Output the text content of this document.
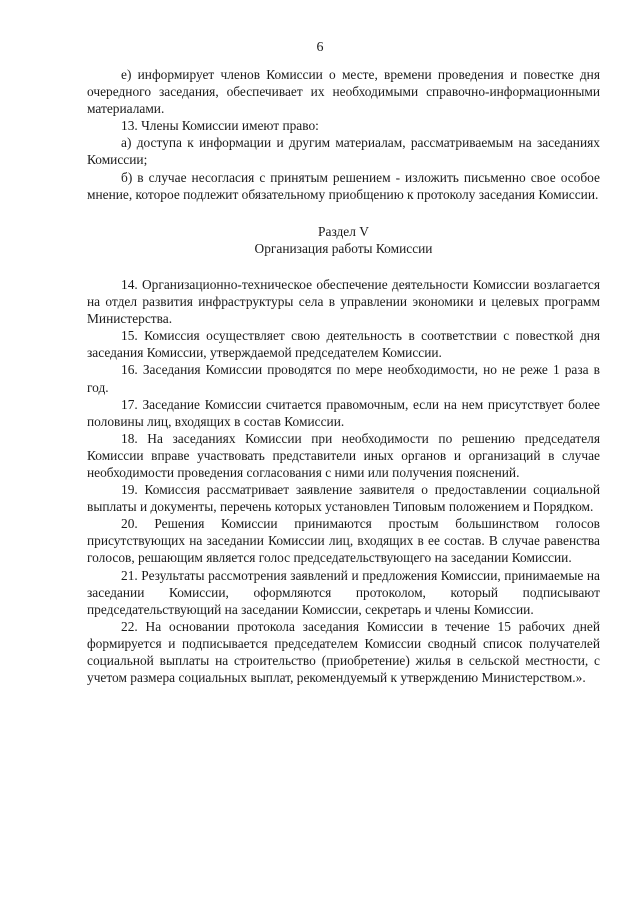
6

е) информирует членов Комиссии о месте, времени проведения и повестке дня очередного заседания, обеспечивает их необходимыми справочно-информационными материалами.

13. Члены Комиссии имеют право:

а) доступа к информации и другим материалам, рассматриваемым на заседаниях Комиссии;

б) в случае несогласия с принятым решением - изложить письменно свое особое мнение, которое подлежит обязательному приобщению к протоколу заседания Комиссии.

Раздел V

Организация работы Комиссии

14. Организационно-техническое обеспечение деятельности Комиссии возлагается на отдел развития инфраструктуры села в управлении экономики и целевых программ Министерства.

15. Комиссия осуществляет свою деятельность в соответствии с повесткой дня заседания Комиссии, утверждаемой председателем Комиссии.

16. Заседания Комиссии проводятся по мере необходимости, но не реже 1 раза в год.

17. Заседание Комиссии считается правомочным, если на нем присутствует более половины лиц, входящих в состав Комиссии.

18. На заседаниях Комиссии при необходимости по решению председателя Комиссии вправе участвовать представители иных органов и организаций в случае необходимости проведения согласования с ними или получения пояснений.

19. Комиссия рассматривает заявление заявителя о предоставлении социальной выплаты и документы, перечень которых установлен Типовым положением и Порядком.

20. Решения Комиссии принимаются простым большинством голосов присутствующих на заседании Комиссии лиц, входящих в ее состав. В случае равенства голосов, решающим является голос председательствующего на заседании Комиссии.

21. Результаты рассмотрения заявлений и предложения Комиссии, принимаемые на заседании Комиссии, оформляются протоколом, который подписывают председательствующий на заседании Комиссии, секретарь и члены Комиссии.

22. На основании протокола заседания Комиссии в течение 15 рабочих дней формируется и подписывается председателем Комиссии сводный список получателей социальной выплаты на строительство (приобретение) жилья в сельской местности, с учетом размера социальных выплат, рекомендуемый к утверждению Министерством.».
